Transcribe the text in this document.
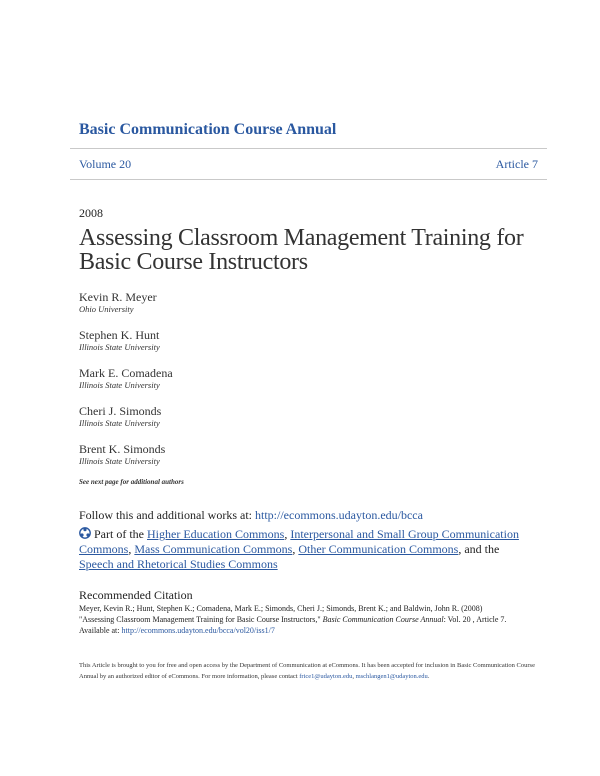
Basic Communication Course Annual
Volume 20	Article 7
2008
Assessing Classroom Management Training for
Basic Course Instructors
Kevin R. Meyer
Ohio University
Stephen K. Hunt
Illinois State University
Mark E. Comadena
Illinois State University
Cheri J. Simonds
Illinois State University
Brent K. Simonds
Illinois State University
See next page for additional authors
Follow this and additional works at: http://ecommons.udayton.edu/bcca
Part of the Higher Education Commons, Interpersonal and Small Group Communication Commons, Mass Communication Commons, Other Communication Commons, and the Speech and Rhetorical Studies Commons
Recommended Citation
Meyer, Kevin R.; Hunt, Stephen K.; Comadena, Mark E.; Simonds, Cheri J.; Simonds, Brent K.; and Baldwin, John R. (2008)
"Assessing Classroom Management Training for Basic Course Instructors," Basic Communication Course Annual: Vol. 20 , Article 7.
Available at: http://ecommons.udayton.edu/bcca/vol20/iss1/7
This Article is brought to you for free and open access by the Department of Communication at eCommons. It has been accepted for inclusion in Basic Communication Course Annual by an authorized editor of eCommons. For more information, please contact frice1@udayton.edu, mschlangen1@udayton.edu.
